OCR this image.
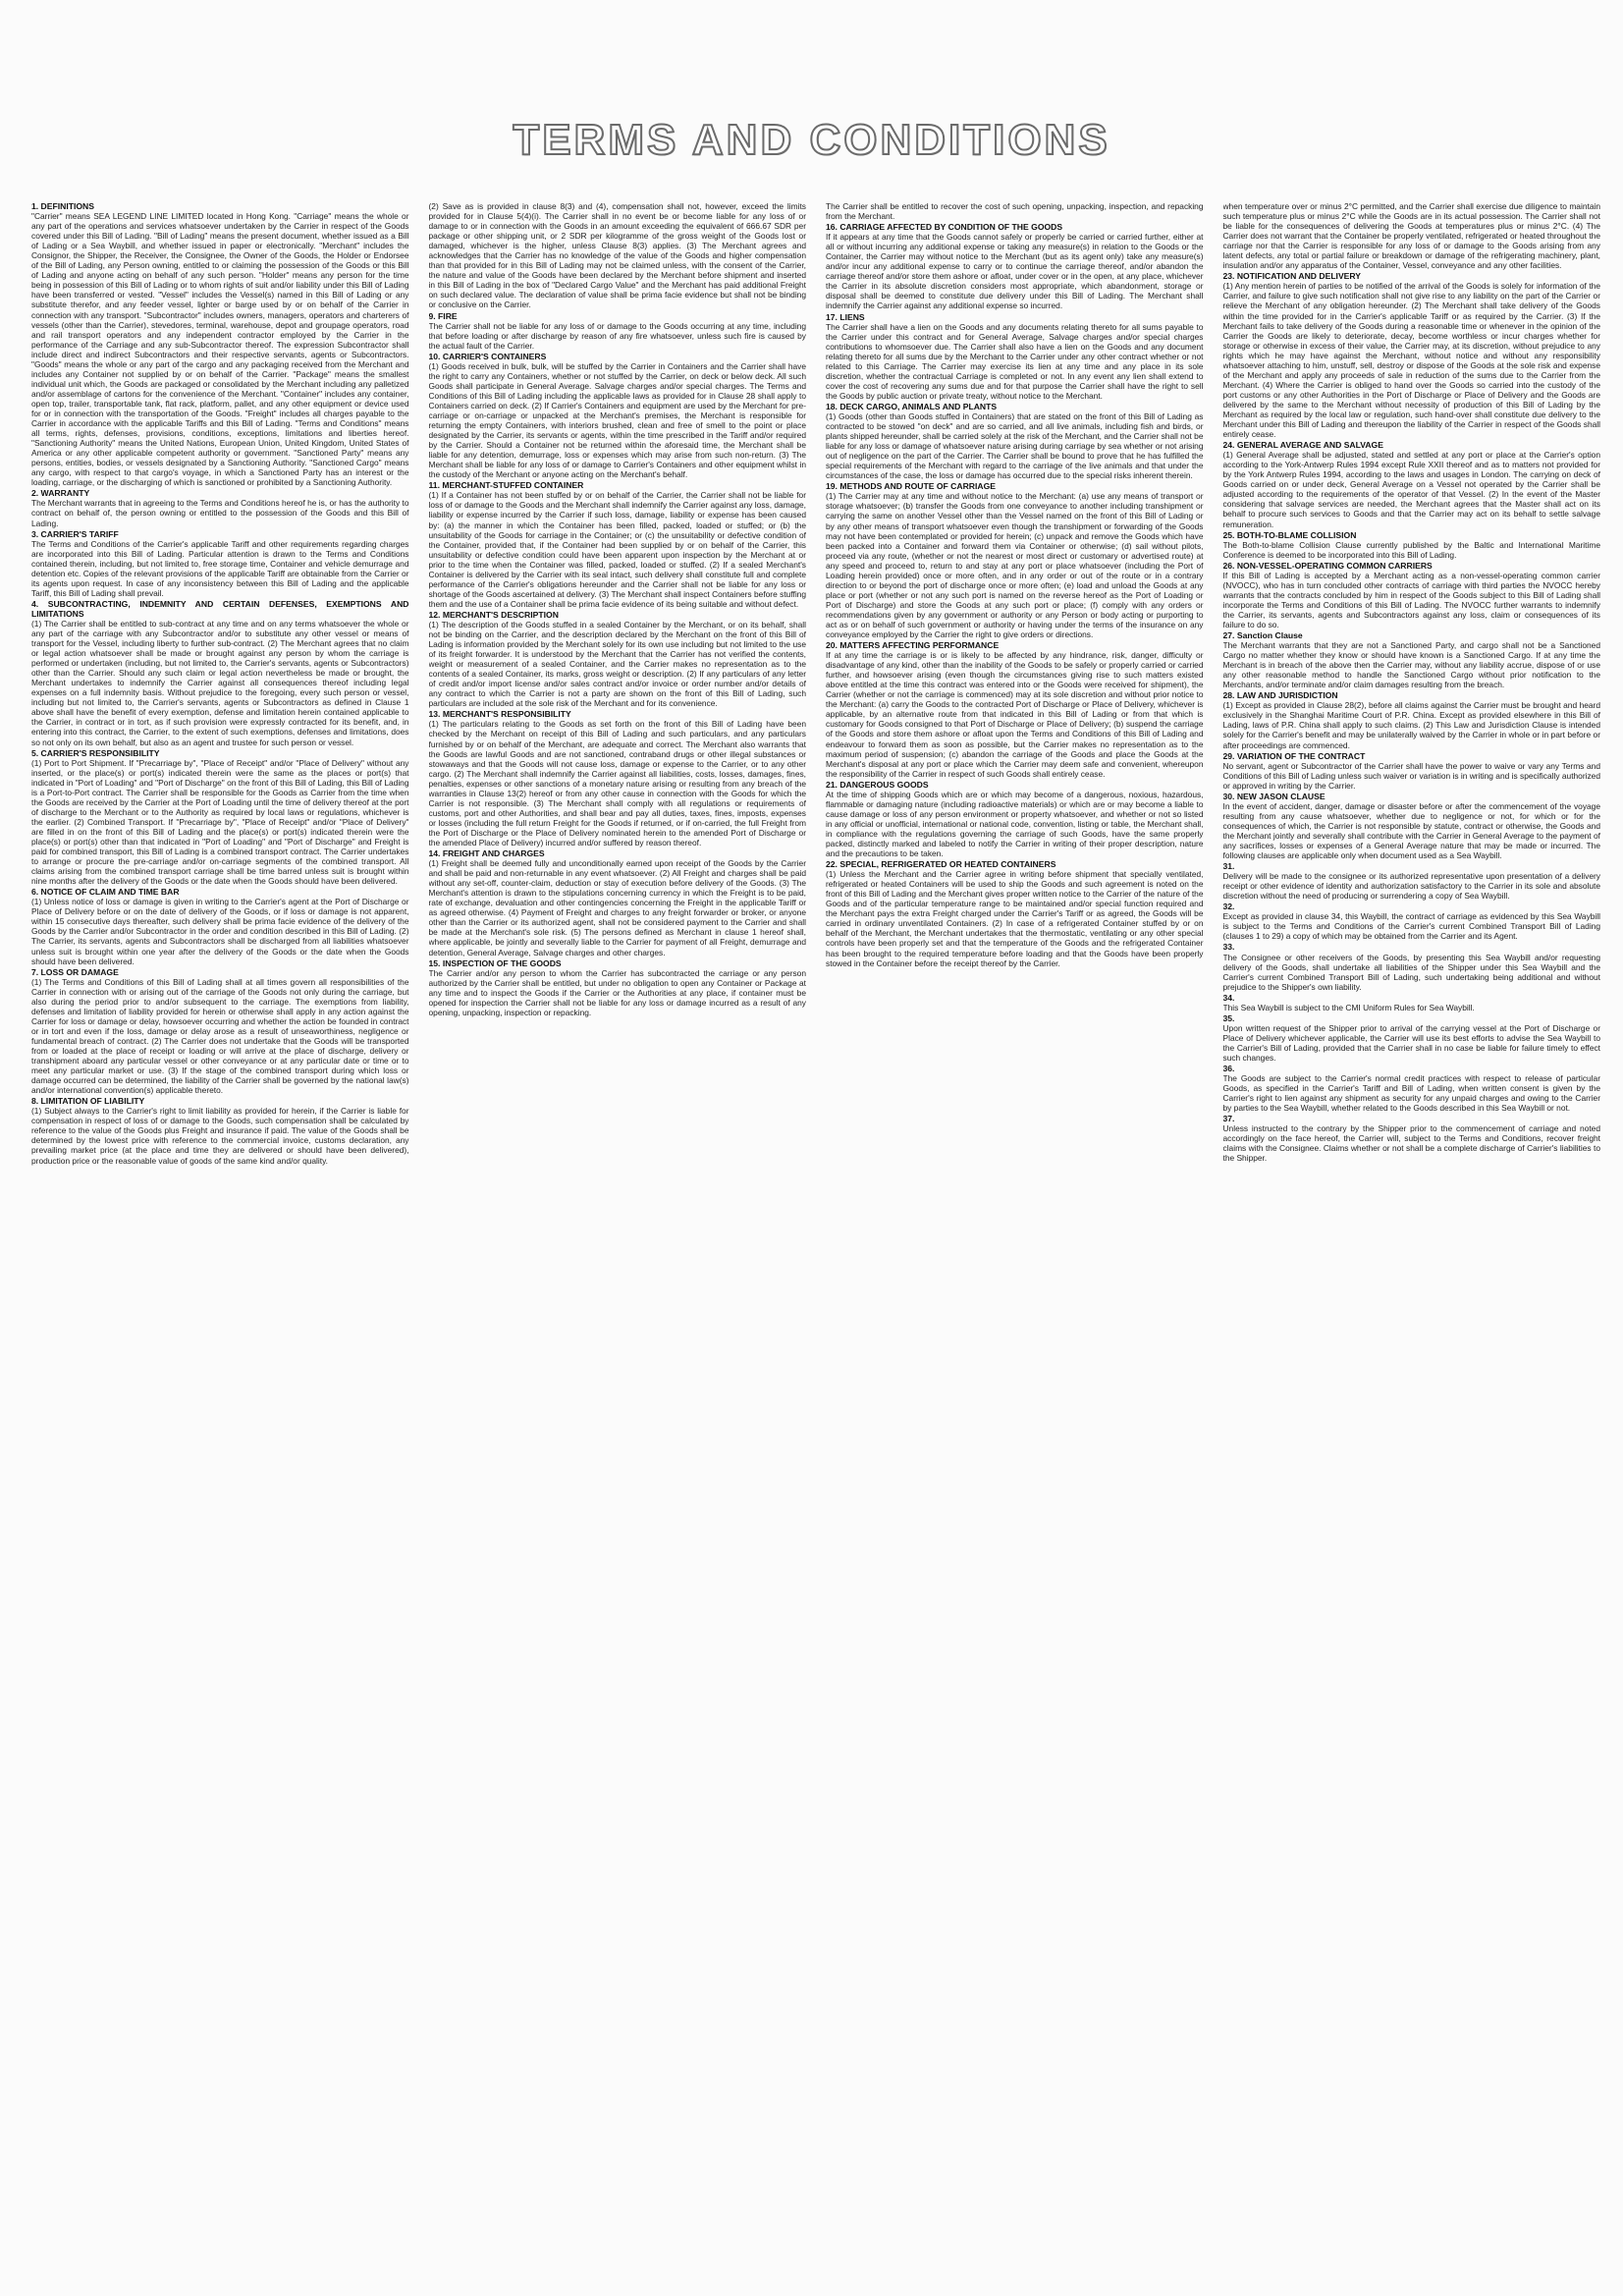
TERMS AND CONDITIONS
1. DEFINITIONS

"Carrier" means SEA LEGEND LINE LIMITED located in Hong Kong. "Carriage" means the whole or any part of the operations and services whatsoever undertaken by the Carrier in respect of the Goods covered under this Bill of Lading. "Bill of Lading" means the present document, whether issued as a Bill of Lading or a Sea Waybill, and whether issued in paper or electronically. "Merchant" includes the Consignor, the Shipper, the Receiver, the Consignee, the Owner of the Goods, the Holder or Endorsee of the Bill of Lading, any Person owning, entitled to or claiming the possession of the Goods or this Bill of Lading and anyone acting on behalf of any such person. "Holder" means any person for the time being in possession of this Bill of Lading or to whom rights of suit and/or liability under this Bill of Lading have been transferred or vested. "Vessel" includes the Vessel(s) named in this Bill of Lading or any substitute therefor, and any feeder vessel, lighter or barge used by or on behalf of the Carrier in connection with any transport. "Subcontractor" includes owners, managers, operators and charterers of vessels (other than the Carrier), stevedores, terminal, warehouse, depot and groupage operators, road and rail transport operators and any independent contractor employed by the Carrier in the performance of the Carriage and any sub-Subcontractor thereof. The expression Subcontractor shall include direct and indirect Subcontractors and their respective servants, agents or Subcontractors. "Goods" means the whole or any part of the cargo and any packaging received from the Merchant and includes any Container not supplied by or on behalf of the Carrier. "Package" means the smallest individual unit which, the Goods are packaged or consolidated by the Merchant including any palletized and/or assemblage of cartons for the convenience of the Merchant. "Container" includes any container, open top, trailer, transportable tank, flat rack, platform, pallet, and any other equipment or device used for or in connection with the transportation of the Goods. "Freight" includes all charges payable to the Carrier in accordance with the applicable Tariffs and this Bill of Lading. "Terms and Conditions" means all terms, rights, defenses, provisions, conditions, exceptions, limitations and liberties hereof. "Sanctioning Authority" means the United Nations, European Union, United Kingdom, United States of America or any other applicable competent authority or government. "Sanctioned Party" means any persons, entities, bodies, or vessels designated by a Sanctioning Authority. "Sanctioned Cargo" means any cargo, with respect to that cargo's voyage, in which a Sanctioned Party has an interest or the loading, carriage, or the discharging of which is sanctioned or prohibited by a Sanctioning Authority.

2. WARRANTY

The Merchant warrants that in agreeing to the Terms and Conditions hereof he is, or has the authority to contract on behalf of, the person owning or entitled to the possession of the Goods and this Bill of Lading.

3. CARRIER'S TARIFF

The Terms and Conditions of the Carrier's applicable Tariff and other requirements regarding charges are incorporated into this Bill of Lading. Particular attention is drawn to the Terms and Conditions contained therein, including, but not limited to, free storage time, Container and vehicle demurrage and detention etc. Copies of the relevant provisions of the applicable Tariff are obtainable from the Carrier or its agents upon request. In case of any inconsistency between this Bill of Lading and the applicable Tariff, this Bill of Lading shall prevail.

4. SUBCONTRACTING, INDEMNITY AND CERTAIN DEFENSES, EXEMPTIONS AND LIMITATIONS

(1) The Carrier shall be entitled to sub-contract at any time and on any terms whatsoever the whole or any part of the carriage with any Subcontractor and/or to substitute any other vessel or means of transport for the Vessel, including liberty to further sub-contract. (2) The Merchant agrees that no claim or legal action whatsoever shall be made or brought against any person by whom the carriage is performed or undertaken (including, but not limited to, the Carrier's servants, agents or Subcontractors) other than the Carrier. Should any such claim or legal action nevertheless be made or brought, the Merchant undertakes to indemnify the Carrier against all consequences thereof including legal expenses on a full indemnity basis. Without prejudice to the foregoing, every such person or vessel, including but not limited to, the Carrier's servants, agents or Subcontractors as defined in Clause 1 above shall have the benefit of every exemption, defense and limitation herein contained applicable to the Carrier, in contract or in tort, as if such provision were expressly contracted for its benefit, and, in entering into this contract, the Carrier, to the extent of such exemptions, defenses and limitations, does so not only on its own behalf, but also as an agent and trustee for such person or vessel.

5. CARRIER'S RESPONSIBILITY

(1) Port to Port Shipment. If "Precarriage by", "Place of Receipt" and/or "Place of Delivery" without any inserted, or the place(s) or port(s) indicated therein were the same as the places or port(s) that indicated in "Port of Loading" and "Port of Discharge" on the front of this Bill of Lading, this Bill of Lading is a Port-to-Port contract. The Carrier shall be responsible for the Goods as Carrier from the time when the Goods are received by the Carrier at the Port of Loading until the time of delivery thereof at the port of discharge to the Merchant or to the Authority as required by local laws or regulations, whichever is the earlier. (2) Combined Transport. If "Precarriage by", "Place of Receipt" and/or "Place of Delivery" are filled in on the front of this Bill of Lading and the place(s) or port(s) indicated therein were the place(s) or port(s) other than that indicated in "Port of Loading" and "Port of Discharge" and Freight is paid for combined transport, this Bill of Lading is a combined transport contract. The Carrier undertakes to arrange or procure the pre-carriage and/or on-carriage segments of the combined transport. All claims arising from the combined transport carriage shall be time barred unless suit is brought within nine months after the delivery of the Goods or the date when the Goods should have been delivered.

6. NOTICE OF CLAIM AND TIME BAR

(1) Unless notice of loss or damage is given in writing to the Carrier's agent at the Port of Discharge or Place of Delivery before or on the date of delivery of the Goods, or if loss or damage is not apparent, within 15 consecutive days thereafter, such delivery shall be prima facie evidence of the delivery of the Goods by the Carrier and/or Subcontractor in the order and condition described in this Bill of Lading. (2) The Carrier, its servants, agents and Subcontractors shall be discharged from all liabilities whatsoever unless suit is brought within one year after the delivery of the Goods or the date when the Goods should have been delivered.

7. LOSS OR DAMAGE

(1) The Terms and Conditions of this Bill of Lading shall at all times govern all responsibilities of the Carrier in connection with or arising out of the carriage of the Goods not only during the carriage, but also during the period prior to and/or subsequent to the carriage. The exemptions from liability, defenses and limitation of liability provided for herein or otherwise shall apply in any action against the Carrier for loss or damage or delay, howsoever occurring and whether the action be founded in contract or in tort and even if the loss, damage or delay arose as a result of unseaworthiness, negligence or fundamental breach of contract. (2) The Carrier does not undertake that the Goods will be transported from or loaded at the place of receipt or loading or will arrive at the place of discharge, delivery or transhipment aboard any particular vessel or other conveyance or at any particular date or time or to meet any particular market or use. (3) If the stage of the combined transport during which loss or damage occurred can be determined, the liability of the Carrier shall be governed by the national law(s) and/or international convention(s) applicable thereto.

8. LIMITATION OF LIABILITY

(1) Subject always to the Carrier's right to limit liability as provided for herein, if the Carrier is liable for compensation in respect of loss of or damage to the Goods, such compensation shall be calculated by reference to the value of the Goods plus Freight and insurance if paid. The value of the Goods shall be determined by the lowest price with reference to the commercial invoice, customs declaration, any prevailing market price (at the place and time they are delivered or should have been delivered), production price or the reasonable value of goods of the same kind and/or quality.

(2) Save as is provided in clause 8(3) and (4), compensation shall not, however, exceed the limits provided for in Clause 5(4)(i). The Carrier shall in no event be or become liable for any loss of or damage to or in connection with the Goods in an amount exceeding the equivalent of 666.67 SDR per package or other shipping unit, or 2 SDR per kilogramme of the gross weight of the Goods lost or damaged, whichever is the higher, unless Clause 8(3) applies. (3) The Merchant agrees and acknowledges that the Carrier has no knowledge of the value of the Goods and higher compensation than that provided for in this Bill of Lading may not be claimed unless, with the consent of the Carrier, the nature and value of the Goods have been declared by the Merchant before shipment and inserted in this Bill of Lading in the box of "Declared Cargo Value" and the Merchant has paid additional Freight on such declared value. The declaration of value shall be prima facie evidence but shall not be binding or conclusive on the Carrier.

9. FIRE

The Carrier shall not be liable for any loss of or damage to the Goods occurring at any time, including that before loading or after discharge by reason of any fire whatsoever, unless such fire is caused by the actual fault of the Carrier.

10. CARRIER'S CONTAINERS

(1) Goods received in bulk, bulk, will be stuffed by the Carrier in Containers and the Carrier shall have the right to carry any Containers, whether or not stuffed by the Carrier, on deck or below deck. All such Goods shall participate in General Average. Salvage charges and/or special charges. The Terms and Conditions of this Bill of Lading including the applicable laws as provided for in Clause 28 shall apply to Containers carried on deck. (2) If Carrier's Containers and equipment are used by the Merchant for pre-carriage or on-carriage or unpacked at the Merchant's premises, the Merchant is responsible for returning the empty Containers, with interiors brushed, clean and free of smell to the point or place designated by the Carrier, its servants or agents, within the time prescribed in the Tariff and/or required by the Carrier. Should a Container not be returned within the aforesaid time, the Merchant shall be liable for any detention, demurrage, loss or expenses which may arise from such non-return. (3) The Merchant shall be liable for any loss of or damage to Carrier's Containers and other equipment whilst in the custody of the Merchant or anyone acting on the Merchant's behalf.

11. MERCHANT-STUFFED CONTAINER

(1) If a Container has not been stuffed by or on behalf of the Carrier, the Carrier shall not be liable for loss of or damage to the Goods and the Merchant shall indemnify the Carrier against any loss, damage, liability or expense incurred by the Carrier if such loss, damage, liability or expense has been caused by: (a) the manner in which the Container has been filled, packed, loaded or stuffed; or (b) the unsuitability of the Goods for carriage in the Container; or (c) the unsuitability or defective condition of the Container, provided that, if the Container had been supplied by or on behalf of the Carrier, this unsuitability or defective condition could have been apparent upon inspection by the Merchant at or prior to the time when the Container was filled, packed, loaded or stuffed. (2) If a sealed Merchant's Container is delivered by the Carrier with its seal intact, such delivery shall constitute full and complete performance of the Carrier's obligations hereunder and the Carrier shall not be liable for any loss or shortage of the Goods ascertained at delivery. (3) The Merchant shall inspect Containers before stuffing them and the use of a Container shall be prima facie evidence of its being suitable and without defect.

12. MERCHANT'S DESCRIPTION

(1) The description of the Goods stuffed in a sealed Container by the Merchant, or on its behalf, shall not be binding on the Carrier, and the description declared by the Merchant on the front of this Bill of Lading is information provided by the Merchant solely for its own use including but not limited to the use of its freight forwarder. It is understood by the Merchant that the Carrier has not verified the contents, weight or measurement of a sealed Container, and the Carrier makes no representation as to the contents of a sealed Container, its marks, gross weight or description. (2) If any particulars of any letter of credit and/or import license and/or sales contract and/or invoice or order number and/or details of any contract to which the Carrier is not a party are shown on the front of this Bill of Lading, such particulars are included at the sole risk of the Merchant and for its convenience.

13. MERCHANT'S RESPONSIBILITY

(1) The particulars relating to the Goods as set forth on the front of this Bill of Lading have been checked by the Merchant on receipt of this Bill of Lading and such particulars, and any particulars furnished by or on behalf of the Merchant, are adequate and correct. The Merchant also warrants that the Goods are lawful Goods and are not sanctioned, contraband drugs or other illegal substances or stowaways and that the Goods will not cause loss, damage or expense to the Carrier, or to any other cargo. (2) The Merchant shall indemnify the Carrier against all liabilities, costs, losses, damages, fines, penalties, expenses or other sanctions of a monetary nature arising or resulting from any breach of the warranties in Clause 13(2) hereof or from any other cause in connection with the Goods for which the Carrier is not responsible. (3) The Merchant shall comply with all regulations or requirements of customs, port and other Authorities, and shall bear and pay all duties, taxes, fines, imposts, expenses or losses (including the full return Freight for the Goods if returned, or if on-carried, the full Freight from the Port of Discharge or the Place of Delivery nominated herein to the amended Port of Discharge or the amended Place of Delivery) incurred and/or suffered by reason thereof.

14. FREIGHT AND CHARGES

(1) Freight shall be deemed fully and unconditionally earned upon receipt of the Goods by the Carrier and shall be paid and non-returnable in any event whatsoever. (2) All Freight and charges shall be paid without any set-off, counter-claim, deduction or stay of execution before delivery of the Goods. (3) The Merchant's attention is drawn to the stipulations concerning currency in which the Freight is to be paid, rate of exchange, devaluation and other contingencies concerning the Freight in the applicable Tariff or as agreed otherwise. (4) Payment of Freight and charges to any freight forwarder or broker, or anyone other than the Carrier or its authorized agent, shall not be considered payment to the Carrier and shall be made at the Merchant's sole risk. (5) The persons defined as Merchant in clause 1 hereof shall, where applicable, be jointly and severally liable to the Carrier for payment of all Freight, demurrage and detention, General Average, Salvage charges and other charges.

15. INSPECTION OF THE GOODS

The Carrier and/or any person to whom the Carrier has subcontracted the carriage or any person authorized by the Carrier shall be entitled, but under no obligation to open any Container or Package at any time and to inspect the Goods if the Carrier or the Authorities at any place, if container must be opened for inspection the Carrier shall not be liable for any loss or damage incurred as a result of any opening, unpacking, inspection or repacking.

The Carrier shall be entitled to recover the cost of such opening, unpacking, inspection, and repacking from the Merchant.

16. CARRIAGE AFFECTED BY CONDITION OF THE GOODS

If it appears at any time that the Goods cannot safely or properly be carried or carried further, either at all or without incurring any additional expense or taking any measure(s) in relation to the Goods or the Container, the Carrier may without notice to the Merchant (but as its agent only) take any measure(s) and/or incur any additional expense to carry or to continue the carriage thereof, and/or abandon the carriage thereof and/or store them ashore or afloat, under cover or in the open, at any place, whichever the Carrier in its absolute discretion considers most appropriate, which abandonment, storage or disposal shall be deemed to constitute due delivery under this Bill of Lading. The Merchant shall indemnify the Carrier against any additional expense so incurred.

17. LIENS

The Carrier shall have a lien on the Goods and any documents relating thereto for all sums payable to the Carrier under this contract and for General Average, Salvage charges and/or special charges contributions to whomsoever due. The Carrier shall also have a lien on the Goods and any document relating thereto for all sums due by the Merchant to the Carrier under any other contract whether or not related to this Carriage. The Carrier may exercise its lien at any time and any place in its sole discretion, whether the contractual Carriage is completed or not. In any event any lien shall extend to cover the cost of recovering any sums due and for that purpose the Carrier shall have the right to sell the Goods by public auction or private treaty, without notice to the Merchant.

18. DECK CARGO, ANIMALS AND PLANTS

(1) Goods (other than Goods stuffed in Containers) that are stated on the front of this Bill of Lading as contracted to be stowed "on deck" and are so carried, and all live animals, including fish and birds, or plants shipped hereunder, shall be carried solely at the risk of the Merchant, and the Carrier shall not be liable for any loss or damage of whatsoever nature arising during carriage by sea whether or not arising out of negligence on the part of the Carrier. The Carrier shall be bound to prove that he has fulfilled the special requirements of the Merchant with regard to the carriage of the live animals and that under the circumstances of the case, the loss or damage has occurred due to the special risks inherent therein.

19. METHODS AND ROUTE OF CARRIAGE

(1) The Carrier may at any time and without notice to the Merchant: (a) use any means of transport or storage whatsoever; (b) transfer the Goods from one conveyance to another including transhipment or carrying the same on another Vessel other than the Vessel named on the front of this Bill of Lading or by any other means of transport whatsoever even though the transhipment or forwarding of the Goods may not have been contemplated or provided for herein; (c) unpack and remove the Goods which have been packed into a Container and forward them via Container or otherwise; (d) sail without pilots, proceed via any route, (whether or not the nearest or most direct or customary or advertised route) at any speed and proceed to, return to and stay at any port or place whatsoever (including the Port of Loading herein provided) once or more often, and in any order or out of the route or in a contrary direction to or beyond the port of discharge once or more often; (e) load and unload the Goods at any place or port (whether or not any such port is named on the reverse hereof as the Port of Loading or Port of Discharge) and store the Goods at any such port or place; (f) comply with any orders or recommendations given by any government or authority or any Person or body acting or purporting to act as or on behalf of such government or authority or having under the terms of the insurance on any conveyance employed by the Carrier the right to give orders or directions.

20. MATTERS AFFECTING PERFORMANCE

If at any time the carriage is or is likely to be affected by any hindrance, risk, danger, difficulty or disadvantage of any kind, other than the inability of the Goods to be safely or properly carried or carried further, and howsoever arising (even though the circumstances giving rise to such matters existed above entitled at the time this contract was entered into or the Goods were received for shipment), the Carrier (whether or not the carriage is commenced) may at its sole discretion and without prior notice to the Merchant: (a) carry the Goods to the contracted Port of Discharge or Place of Delivery, whichever is applicable, by an alternative route from that indicated in this Bill of Lading or from that which is customary for Goods consigned to that Port of Discharge or Place of Delivery; (b) suspend the carriage of the Goods and store them ashore or afloat upon the Terms and Conditions of this Bill of Lading and endeavour to forward them as soon as possible, but the Carrier makes no representation as to the maximum period of suspension; (c) abandon the carriage of the Goods and place the Goods at the Merchant's disposal at any port or place which the Carrier may deem safe and convenient, whereupon the responsibility of the Carrier in respect of such Goods shall entirely cease.

21. DANGEROUS GOODS

At the time of shipping Goods which are or which may become of a dangerous, noxious, hazardous, flammable or damaging nature (including radioactive materials) or which are or may become a liable to cause damage or loss of any person environment or property whatsoever, and whether or not so listed in any official or unofficial, international or national code, convention, listing or table, the Merchant shall, in compliance with the regulations governing the carriage of such Goods, have the same properly packed, distinctly marked and labeled to notify the Carrier in writing of their proper description, nature and the precautions to be taken.

22. SPECIAL, REFRIGERATED OR HEATED CONTAINERS

(1) Unless the Merchant and the Carrier agree in writing before shipment that specially ventilated, refrigerated or heated Containers will be used to ship the Goods and such agreement is noted on the front of this Bill of Lading and the Merchant gives proper written notice to the Carrier of the nature of the Goods and of the particular temperature range to be maintained and/or special function required and the Merchant pays the extra Freight charged under the Carrier's Tariff or as agreed, the Goods will be carried in ordinary unventilated Containers. (2) In case of a refrigerated Container stuffed by or on behalf of the Merchant, the Merchant undertakes that the thermostatic, ventilating or any other special controls have been properly set and that the temperature of the Goods and the refrigerated Container has been brought to the required temperature before loading and that the Goods have been properly stowed in the Container before the receipt thereof by the Carrier.

when temperature over or minus 2°C permitted, and the Carrier shall exercise due diligence to maintain such temperature plus or minus 2°C while the Goods are in its actual possession. The Carrier shall not be liable for the consequences of delivering the Goods at temperatures plus or minus 2°C. (4) The Carrier does not warrant that the Container be properly ventilated, refrigerated or heated throughout the carriage nor that the Carrier is responsible for any loss of or damage to the Goods arising from any latent defects, any total or partial failure or breakdown or damage of the refrigerating machinery, plant, insulation and/or any apparatus of the Container, Vessel, conveyance and any other facilities.

23. NOTIFICATION AND DELIVERY

(1) Any mention herein of parties to be notified of the arrival of the Goods is solely for information of the Carrier, and failure to give such notification shall not give rise to any liability on the part of the Carrier or relieve the Merchant of any obligation hereunder. (2) The Merchant shall take delivery of the Goods within the time provided for in the Carrier's applicable Tariff or as required by the Carrier. (3) If the Merchant fails to take delivery of the Goods during a reasonable time or whenever in the opinion of the Carrier the Goods are likely to deteriorate, decay, become worthless or incur charges whether for storage or otherwise in excess of their value, the Carrier may, at its discretion, without prejudice to any rights which he may have against the Merchant, without notice and without any responsibility whatsoever attaching to him, unstuff, sell, destroy or dispose of the Goods at the sole risk and expense of the Merchant and apply any proceeds of sale in reduction of the sums due to the Carrier from the Merchant. (4) Where the Carrier is obliged to hand over the Goods so carried into the custody of the port customs or any other Authorities in the Port of Discharge or Place of Delivery and the Goods are delivered by the same to the Merchant without necessity of production of this Bill of Lading by the Merchant as required by the local law or regulation, such hand-over shall constitute due delivery to the Merchant under this Bill of Lading and thereupon the liability of the Carrier in respect of the Goods shall entirely cease.

24. GENERAL AVERAGE AND SALVAGE

(1) General Average shall be adjusted, stated and settled at any port or place at the Carrier's option according to the York-Antwerp Rules 1994 except Rule XXII thereof and as to matters not provided for by the York Antwerp Rules 1994, according to the laws and usages in London. The carrying on deck of Goods carried on or under deck, General Average on a Vessel not operated by the Carrier shall be adjusted according to the requirements of the operator of that Vessel. (2) In the event of the Master considering that salvage services are needed, the Merchant agrees that the Master shall act on its behalf to procure such services to Goods and that the Carrier may act on its behalf to settle salvage remuneration.

25. BOTH-TO-BLAME COLLISION

The Both-to-blame Collision Clause currently published by the Baltic and International Maritime Conference is deemed to be incorporated into this Bill of Lading.

26. NON-VESSEL-OPERATING COMMON CARRIERS

If this Bill of Lading is accepted by a Merchant acting as a non-vessel-operating common carrier (NVOCC), who has in turn concluded other contracts of carriage with third parties the NVOCC hereby warrants that the contracts concluded by him in respect of the Goods subject to this Bill of Lading shall incorporate the Terms and Conditions of this Bill of Lading. The NVOCC further warrants to indemnify the Carrier, its servants, agents and Subcontractors against any loss, claim or consequences of its failure to do so.

27. Sanction Clause

The Merchant warrants that they are not a Sanctioned Party, and cargo shall not be a Sanctioned Cargo no matter whether they know or should have known is a Sanctioned Cargo. If at any time the Merchant is in breach of the above then the Carrier may, without any liability accrue, dispose of or use any other reasonable method to handle the Sanctioned Cargo without prior notification to the Merchants, and/or terminate and/or claim damages resulting from the breach.

28. LAW AND JURISDICTION

(1) Except as provided in Clause 28(2), before all claims against the Carrier must be brought and heard exclusively in the Shanghai Maritime Court of P.R. China. Except as provided elsewhere in this Bill of Lading, laws of P.R. China shall apply to such claims. (2) This Law and Jurisdiction Clause is intended solely for the Carrier's benefit and may be unilaterally waived by the Carrier in whole or in part before or after proceedings are commenced.

29. VARIATION OF THE CONTRACT

No servant, agent or Subcontractor of the Carrier shall have the power to waive or vary any Terms and Conditions of this Bill of Lading unless such waiver or variation is in writing and is specifically authorized or approved in writing by the Carrier.

30. NEW JASON CLAUSE

In the event of accident, danger, damage or disaster before or after the commencement of the voyage resulting from any cause whatsoever, whether due to negligence or not, for which or for the consequences of which, the Carrier is not responsible by statute, contract or otherwise, the Goods and the Merchant jointly and severally shall contribute with the Carrier in General Average to the payment of any sacrifices, losses or expenses of a General Average nature that may be made or incurred. The following clauses are applicable only when document used as a Sea Waybill.

31.

Delivery will be made to the consignee or its authorized representative upon presentation of a delivery receipt or other evidence of identity and authorization satisfactory to the Carrier in its sole and absolute discretion without the need of producing or surrendering a copy of Sea Waybill.

32.

Except as provided in clause 34, this Waybill, the contract of carriage as evidenced by this Sea Waybill is subject to the Terms and Conditions of the Carrier's current Combined Transport Bill of Lading (clauses 1 to 29) a copy of which may be obtained from the Carrier and its Agent.

33.

The Consignee or other receivers of the Goods, by presenting this Sea Waybill and/or requesting delivery of the Goods, shall undertake all liabilities of the Shipper under this Sea Waybill and the Carrier's current Combined Transport Bill of Lading, such undertaking being additional and without prejudice to the Shipper's own liability.

34.

This Sea Waybill is subject to the CMI Uniform Rules for Sea Waybill.

35.

Upon written request of the Shipper prior to arrival of the carrying vessel at the Port of Discharge or Place of Delivery whichever applicable, the Carrier will use its best efforts to advise the Sea Waybill to the Carrier's Bill of Lading, provided that the Carrier shall in no case be liable for failure timely to effect such changes.

36.

The Goods are subject to the Carrier's normal credit practices with respect to release of particular Goods, as specified in the Carrier's Tariff and Bill of Lading, when written consent is given by the Carrier's right to lien against any shipment as security for any unpaid charges and owing to the Carrier by parties to the Sea Waybill, whether related to the Goods described in this Sea Waybill or not.

37.

Unless instructed to the contrary by the Shipper prior to the commencement of carriage and noted accordingly on the face hereof, the Carrier will, subject to the Terms and Conditions, recover freight claims with the Consignee. Claims whether or not shall be a complete discharge of Carrier's liabilities to the Shipper.
